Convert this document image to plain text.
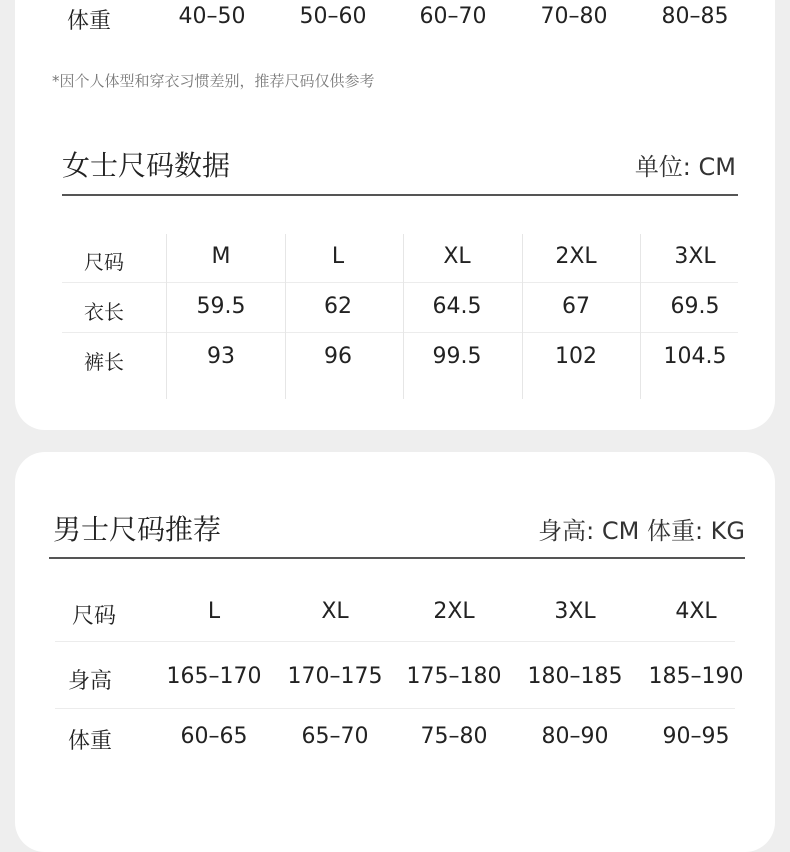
体重	40–50 50–60 60–70 70–80 80–85
*因个人体型和穿衣习惯差别，推荐尺码仅供参考
女士尺码数据	单位: CM
尺码	M	L	XL	2XL	3XL
衣长	59.5	62	64.5	67	69.5
裤长	93	96	99.5	102	104.5
男士尺码推荐	身高: CM 体重: KG
尺码	L	XL	2XL	3XL	4XL
身高 165–170 170–175 175–180 180–185 185–190
体重	60–65 65–70 75–80 80–90 90–95
